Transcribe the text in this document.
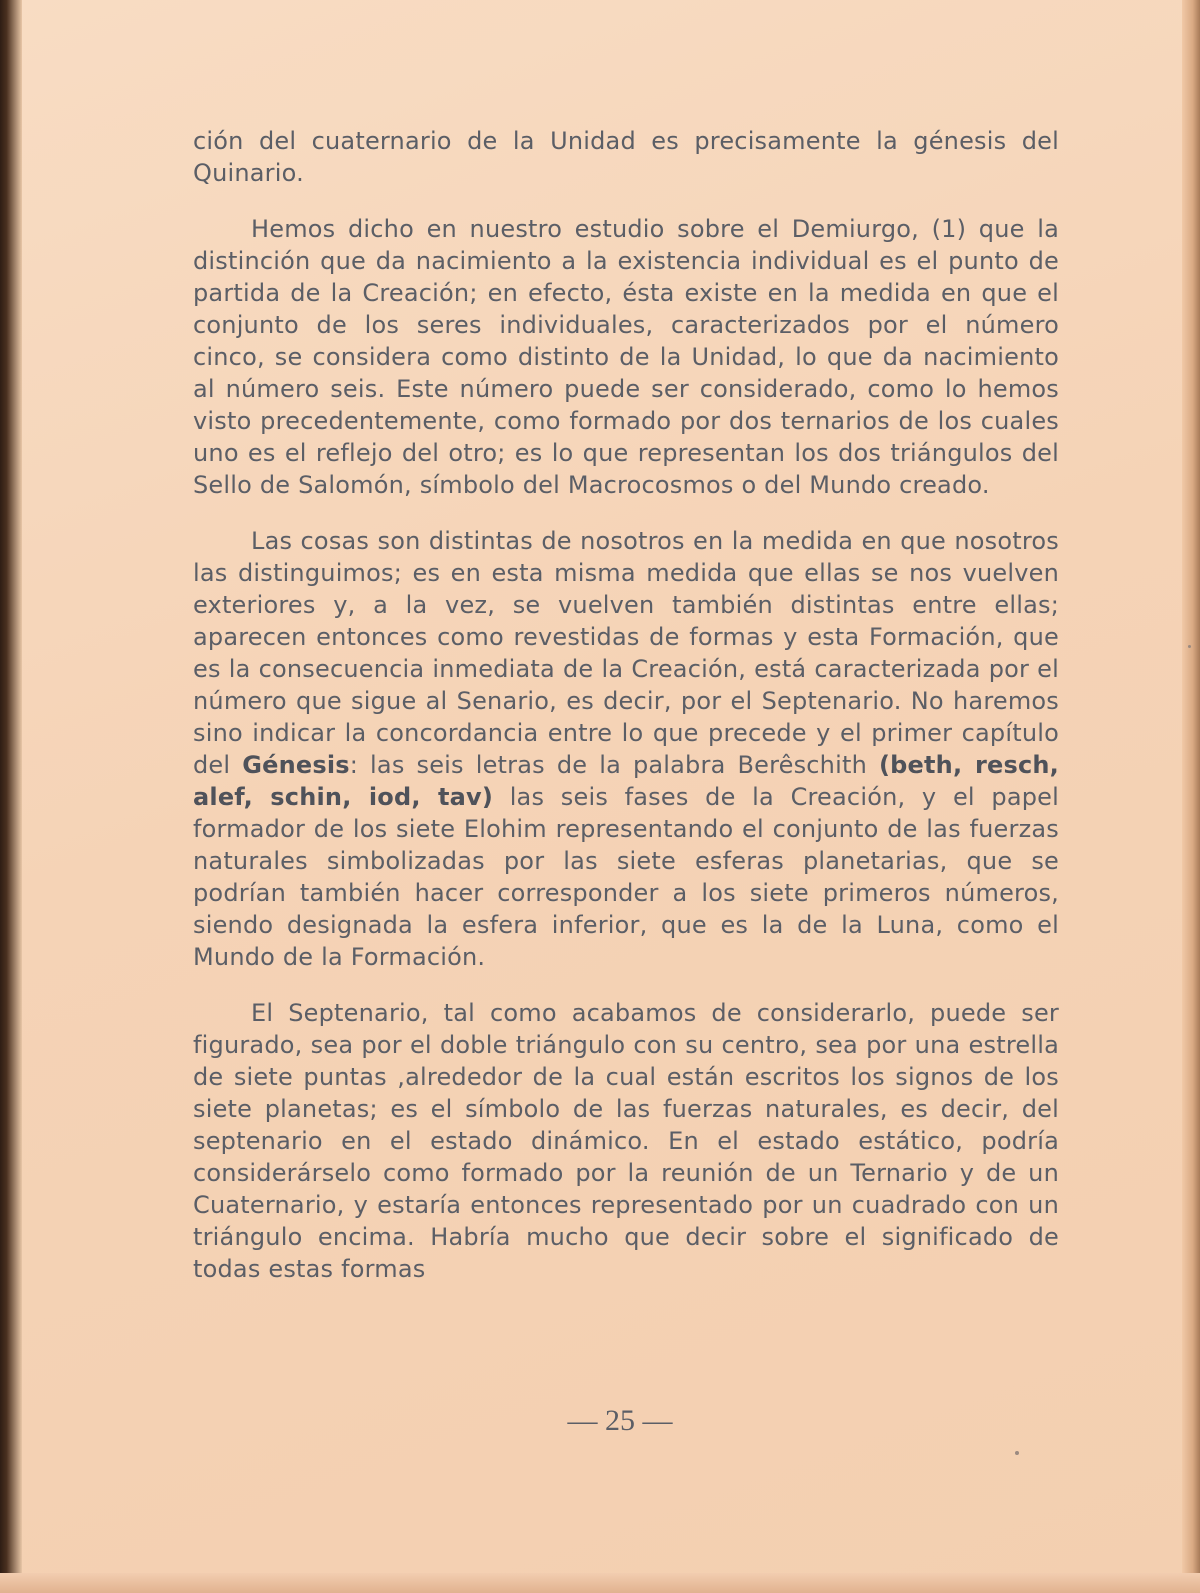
ción del cuaternario de la Unidad es precisamente la génesis del Quinario.

Hemos dicho en nuestro estudio sobre el Demiurgo, (1) que la distinción que da nacimiento a la existencia individual es el punto de partida de la Creación; en efecto, ésta existe en la medida en que el conjunto de los seres individuales, caracterizados por el número cinco, se considera como distinto de la Unidad, lo que da nacimiento al número seis. Este número puede ser considerado, como lo hemos visto precedentemente, como formado por dos ternarios de los cuales uno es el reflejo del otro; es lo que representan los dos triángulos del Sello de Salomón, símbolo del Macrocosmos o del Mundo creado.

Las cosas son distintas de nosotros en la medida en que nosotros las distinguimos; es en esta misma medida que ellas se nos vuelven exteriores y, a la vez, se vuelven también distintas entre ellas; aparecen entonces como revestidas de formas y esta Formación, que es la consecuencia inmediata de la Creación, está caracterizada por el número que sigue al Senario, es decir, por el Septenario. No haremos sino indicar la concordancia entre lo que precede y el primer capítulo del Génesis: las seis letras de la palabra Berêschith (beth, resch, alef, schin, iod, tav) las seis fases de la Creación, y el papel formador de los siete Elohim representando el conjunto de las fuerzas naturales simbolizadas por las siete esferas planetarias, que se podrían también hacer corresponder a los siete primeros números, siendo designada la esfera inferior, que es la de la Luna, como el Mundo de la Formación.

El Septenario, tal como acabamos de considerarlo, puede ser figurado, sea por el doble triángulo con su centro, sea por una estrella de siete puntas ,alrededor de la cual están escritos los signos de los siete planetas; es el símbolo de las fuerzas naturales, es decir, del septenario en el estado dinámico. En el estado estático, podría considerárselo como formado por la reunión de un Ternario y de un Cuaternario, y estaría entonces representado por un cuadrado con un triángulo encima. Habría mucho que decir sobre el significado de todas estas formas

— 25 —
